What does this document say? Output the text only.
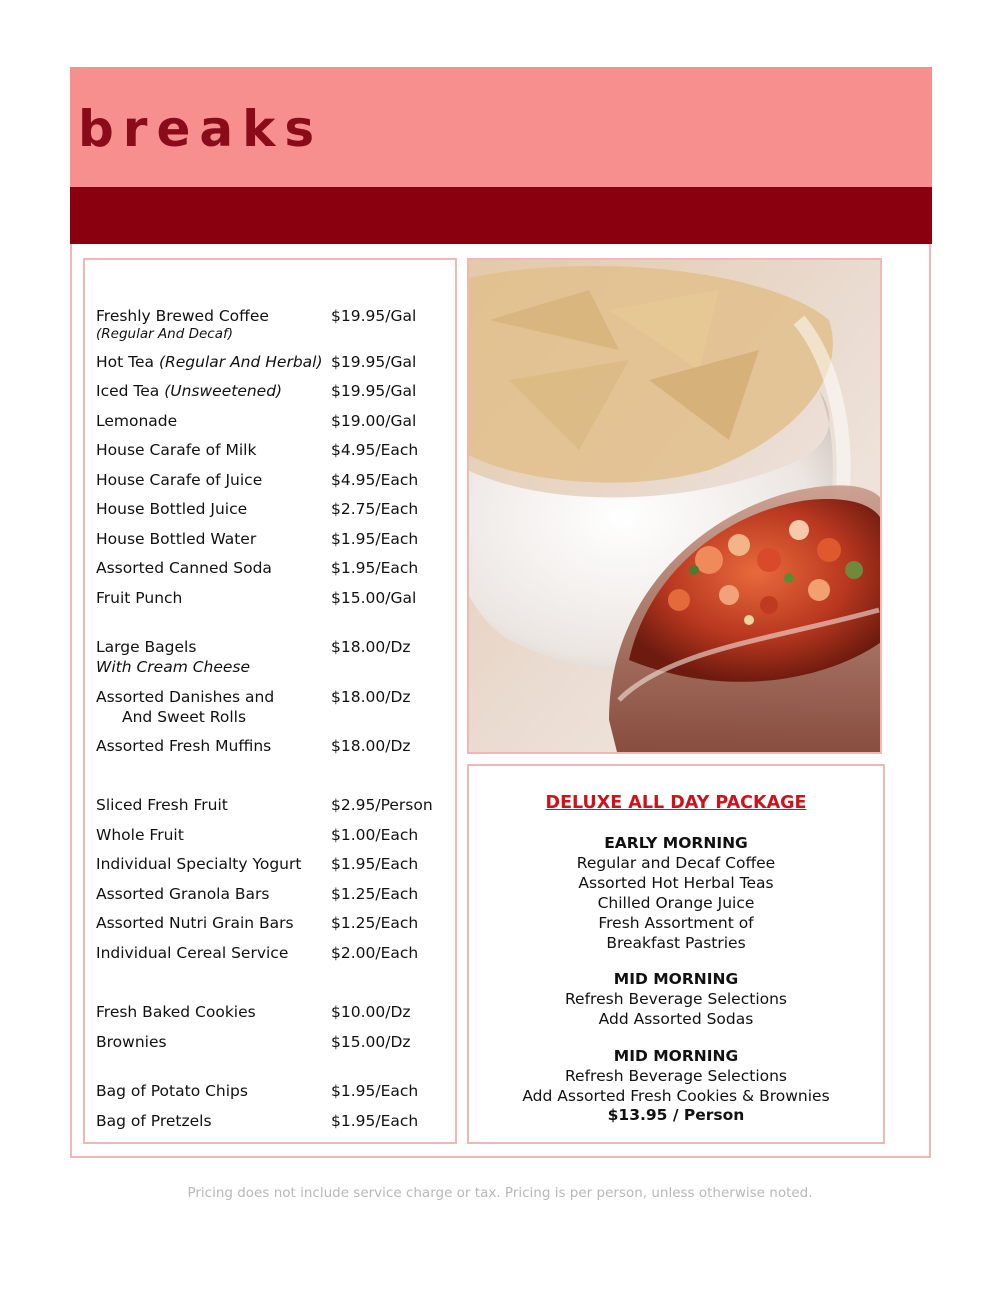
breaks
Freshly Brewed Coffee
(Regular And Decaf)
$19.95/Gal
Hot Tea (Regular And Herbal) $19.95/Gal
Iced Tea (Unsweetened)	$19.95/Gal
Lemonade	$19.00/Gal
House Carafe of Milk	$4.95/Each
House Carafe of Juice	$4.95/Each
House Bottled Juice	$2.75/Each
House Bottled Water	$1.95/Each
Assorted Canned Soda	$1.95/Each
Fruit Punch	$15.00/Gal
Large Bagels
With Cream Cheese
$18.00/Dz
Assorted Danishes and
And Sweet Rolls
$18.00/Dz
Assorted Fresh Muffins	$18.00/Dz
Sliced Fresh Fruit	$2.95/Person
Whole Fruit	$1.00/Each
Individual Specialty Yogurt $1.95/Each
Assorted Granola Bars	$1.25/Each
Assorted Nutri Grain Bars $1.25/Each
Individual Cereal Service	$2.00/Each
Fresh Baked Cookies	$10.00/Dz
Brownies	$15.00/Dz
Bag of Potato Chips	$1.95/Each
Bag of Pretzels	$1.95/Each
DELUXE ALL DAY PACKAGE
EARLY MORNING
Regular and Decaf Coffee
Assorted Hot Herbal Teas
Chilled Orange Juice
Fresh Assortment of
Breakfast Pastries
MID MORNING
Refresh Beverage Selections
Add Assorted Sodas
MID MORNING
Refresh Beverage Selections
Add Assorted Fresh Cookies & Brownies
$13.95 / Person
Pricing does not include service charge or tax. Pricing is per person, unless otherwise noted.
